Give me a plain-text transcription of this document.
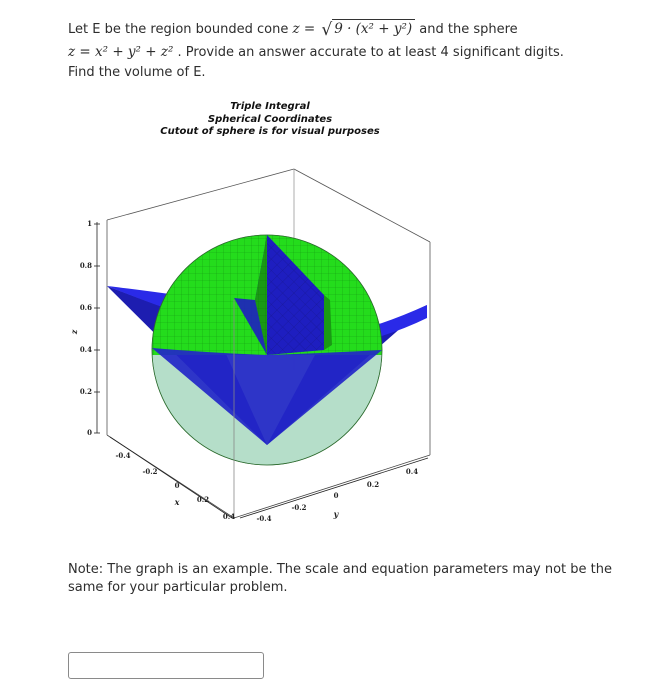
Let E be the region bounded cone z = √ 9 · (x² + y²) and the sphere
z = x² + y² + z² . Provide an answer accurate to at least 4 significant digits.
Find the volume of E.
Triple Integral
Spherical Coordinates
Cutout of sphere is for visual purposes
1
0.8
0.6
0.4
0.2
0
z
-0.4
-0.2
0
0.2
0.4
x
-0.4
-0.2
0
0.2
0.4
y
Note: The graph is an example. The scale and equation parameters may not be the same for your particular problem.
